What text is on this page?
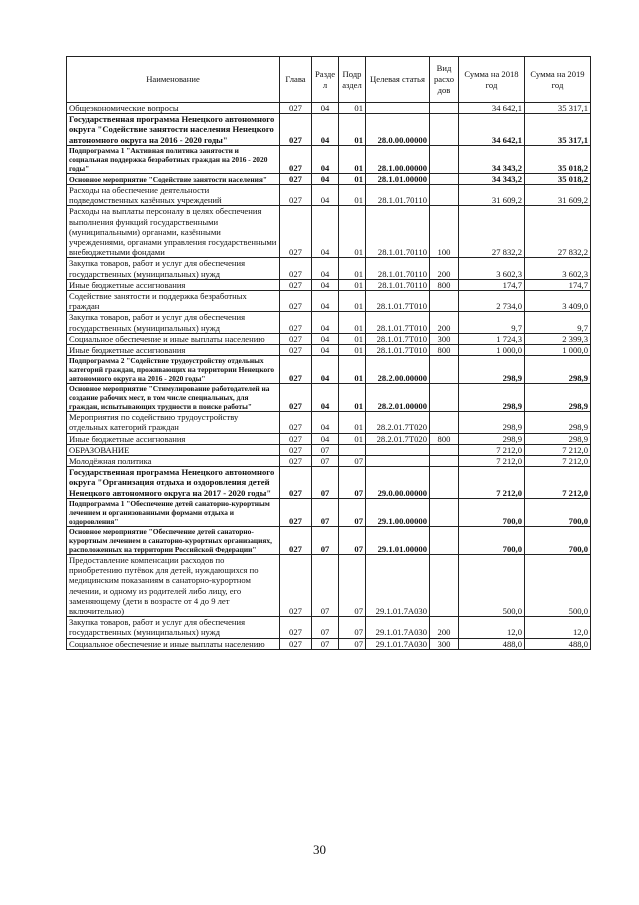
Наименование	Глава	Разде л	Подр аздел	Целевая статья	Вид расхо дов	Сумма на 2018 год	Сумма на 2019 год
Общеэкономические вопросы	027	04	01			34 642,1	35 317,1
Государственная программа Ненецкого автономного округа "Содействие занятости населения Ненецкого автономного округа на 2016 - 2020 годы"	027	04	01	28.0.00.00000		34 642,1	35 317,1
Подпрограмма 1 "Активная политика занятости и социальная поддержка безработных граждан на 2016 - 2020 годы"	027	04	01	28.1.00.00000		34 343,2	35 018,2
Основное мероприятие "Содействие занятости населения"	027	04	01	28.1.01.00000		34 343,2	35 018,2
Расходы на обеспечение деятельности подведомственных казённых учреждений	027	04	01	28.1.01.70110		31 609,2	31 609,2
Расходы на выплаты персоналу в целях обеспечения выполнения функций государственными (муниципальными) органами, казёнными учреждениями, органами управления государственными внебюджетными фондами	027	04	01	28.1.01.70110	100	27 832,2	27 832,2
Закупка товаров, работ и услуг для обеспечения государственных (муниципальных) нужд	027	04	01	28.1.01.70110	200	3 602,3	3 602,3
Иные бюджетные ассигнования	027	04	01	28.1.01.70110	800	174,7	174,7
Содействие занятости и поддержка безработных граждан	027	04	01	28.1.01.7Т010		2 734,0	3 409,0
Закупка товаров, работ и услуг для обеспечения государственных (муниципальных) нужд	027	04	01	28.1.01.7Т010	200	9,7	9,7
Социальное обеспечение и иные выплаты населению	027	04	01	28.1.01.7Т010	300	1 724,3	2 399,3
Иные бюджетные ассигнования	027	04	01	28.1.01.7Т010	800	1 000,0	1 000,0
Подпрограмма 2 "Содействие трудоустройству отдельных категорий граждан, проживающих на территории Ненецкого автономного округа на 2016 - 2020 годы"	027	04	01	28.2.00.00000		298,9	298,9
Основное мероприятие "Стимулирование работодателей на создание рабочих мест, в том числе специальных, для граждан, испытывающих трудности в поиске работы"	027	04	01	28.2.01.00000		298,9	298,9
Мероприятия по содействию трудоустройству отдельных категорий граждан	027	04	01	28.2.01.7Т020		298,9	298,9
Иные бюджетные ассигнования	027	04	01	28.2.01.7Т020	800	298,9	298,9
ОБРАЗОВАНИЕ	027	07				7 212,0	7 212,0
Молодёжная политика	027	07	07			7 212,0	7 212,0
Государственная программа Ненецкого автономного округа "Организация отдыха и оздоровления детей Ненецкого автономного округа на 2017 - 2020 годы"	027	07	07	29.0.00.00000		7 212,0	7 212,0
Подпрограмма 1 "Обеспечение детей санаторно-курортным лечением и организованными формами отдыха и оздоровления"	027	07	07	29.1.00.00000		700,0	700,0
Основное мероприятие "Обеспечение детей санаторно-курортным лечением в санаторно-курортных организациях, расположенных на территории Российской Федерации"	027	07	07	29.1.01.00000		700,0	700,0
Предоставление компенсации расходов по приобретению путёвок для детей, нуждающихся по медицинским показаниям в санаторно-курортном лечении, и одному из родителей либо лицу, его заменяющему (дети в возрасте от 4 до 9 лет включительно)	027	07	07	29.1.01.7А030		500,0	500,0
Закупка товаров, работ и услуг для обеспечения государственных (муниципальных) нужд	027	07	07	29.1.01.7А030	200	12,0	12,0
Социальное обеспечение и иные выплаты населению	027	07	07	29.1.01.7А030	300	488,0	488,0
30
